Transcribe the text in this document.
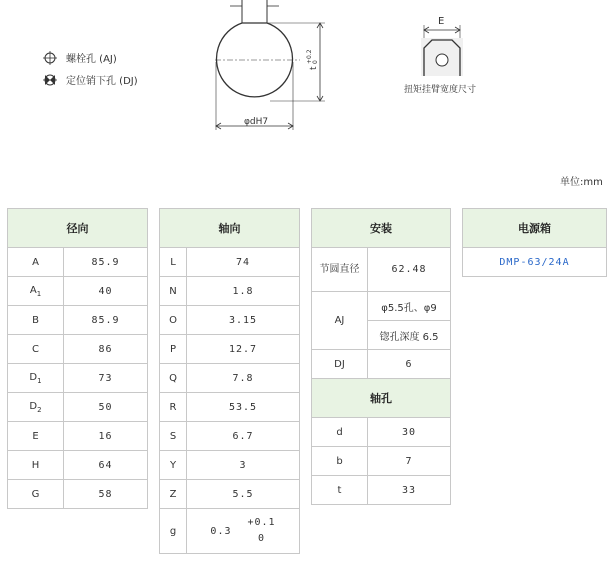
螺栓孔 (AJ)
定位销下孔 (DJ)
φdH7
t
+0.2 0
E
扭矩挂臂宽度尺寸
单位:mm
径向	
A	85.9
$A_1$	40
B	85.9
C	86
$D_1$	73
$D_2$	50
E	16
H	64
G	58
轴向	
L	74
N	1.8
O	3.15
P	12.7
Q	7.8
R	53.5
S	6.7
Y	3
Z	5.5
g	0.3
+0.1
0
安装	
节圆直径	62.48
AJ	φ5.5孔、φ9
	锪孔深度 6.5
DJ	6
轴孔	
d	30
b	7
t	33
电源箱
DMP-63/24A
